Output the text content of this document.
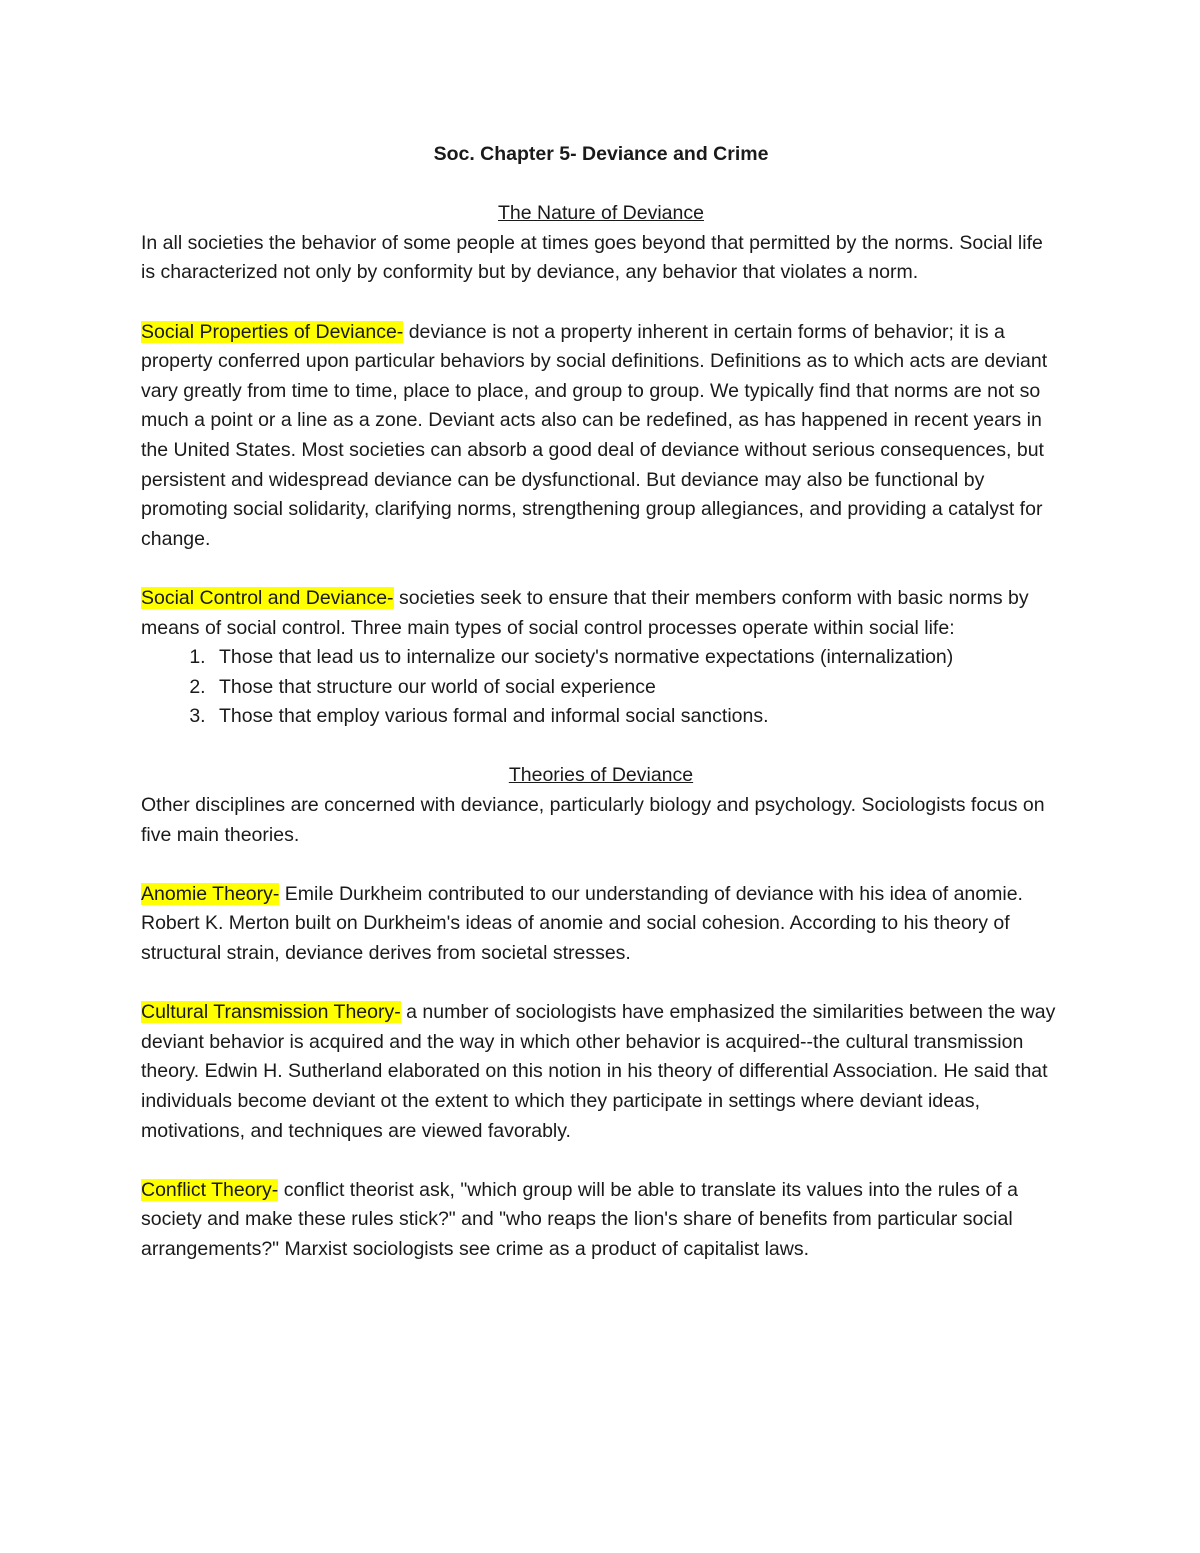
Soc. Chapter 5- Deviance and Crime

The Nature of Deviance

In all societies the behavior of some people at times goes beyond that permitted by the norms. Social life is characterized not only by conformity but by deviance, any behavior that violates a norm.

Social Properties of Deviance- deviance is not a property inherent in certain forms of behavior; it is a property conferred upon particular behaviors by social definitions. Definitions as to which acts are deviant vary greatly from time to time, place to place, and group to group. We typically find that norms are not so much a point or a line as a zone. Deviant acts also can be redefined, as has happened in recent years in the United States. Most societies can absorb a good deal of deviance without serious consequences, but persistent and widespread deviance can be dysfunctional. But deviance may also be functional by promoting social solidarity, clarifying norms, strengthening group allegiances, and providing a catalyst for change.

Social Control and Deviance- societies seek to ensure that their members conform with basic norms by means of social control. Three main types of social control processes operate within social life:

1. Those that lead us to internalize our society's normative expectations (internalization)
2. Those that structure our world of social experience
3. Those that employ various formal and informal social sanctions.

Theories of Deviance

Other disciplines are concerned with deviance, particularly biology and psychology. Sociologists focus on five main theories.

Anomie Theory- Emile Durkheim contributed to our understanding of deviance with his idea of anomie. Robert K. Merton built on Durkheim's ideas of anomie and social cohesion. According to his theory of structural strain, deviance derives from societal stresses.

Cultural Transmission Theory- a number of sociologists have emphasized the similarities between the way deviant behavior is acquired and the way in which other behavior is acquired--the cultural transmission theory. Edwin H. Sutherland elaborated on this notion in his theory of differential Association. He said that individuals become deviant ot the extent to which they participate in settings where deviant ideas, motivations, and techniques are viewed favorably.

Conflict Theory- conflict theorist ask, "which group will be able to translate its values into the rules of a society and make these rules stick?" and "who reaps the lion's share of benefits from particular social arrangements?" Marxist sociologists see crime as a product of capitalist laws.
